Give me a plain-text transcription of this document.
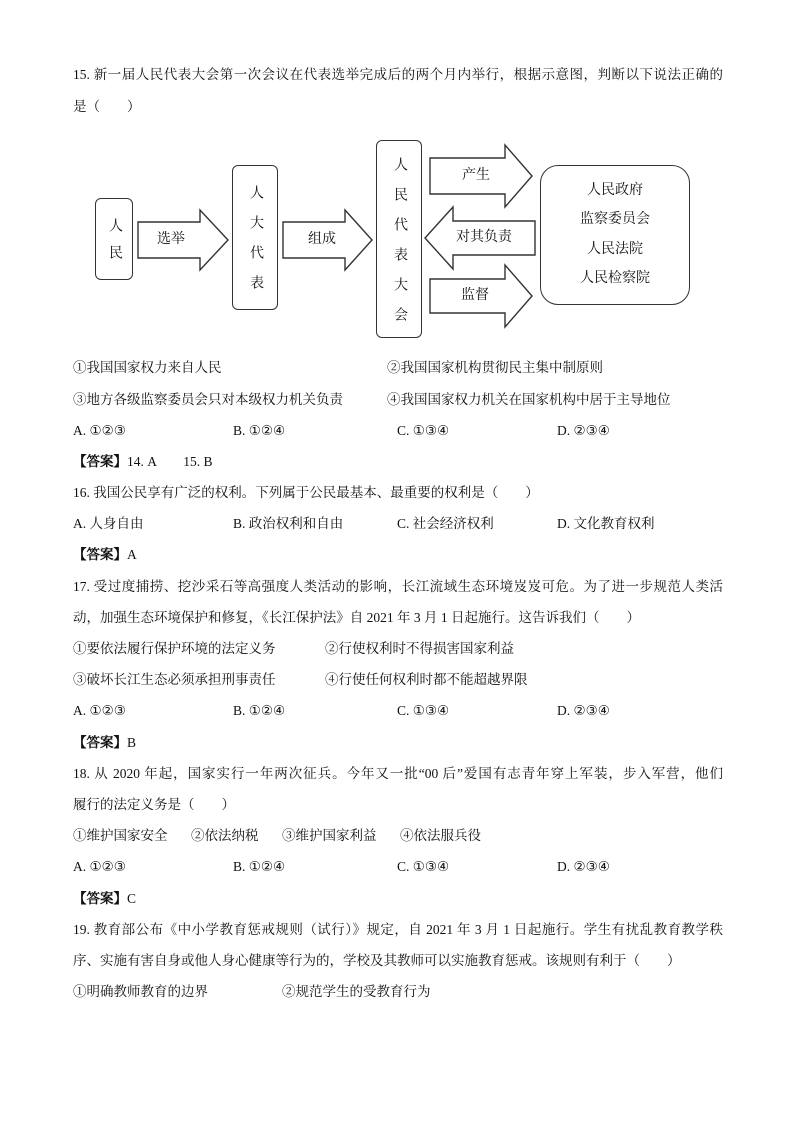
15. 新一届人民代表大会第一次会议在代表选举完成后的两个月内举行，根据示意图，判断以下说法正确的
是（　　）
人民	选举	人大代表	组成	人民代表大会	产生
对其负责
监督
人民政府
监察委员会
人民法院
人民检察院
①我国国家权力来自人民	②我国国家机构贯彻民主集中制原则
③地方各级监察委员会只对本级权力机关负责	④我国国家权力机关在国家机构中居于主导地位
A. ①②③	B. ①②④	C. ①③④	D. ②③④
【答案】14. A　　15. B
16. 我国公民享有广泛的权利。下列属于公民最基本、最重要的权利是（　　）
A. 人身自由	B. 政治权利和自由	C. 社会经济权利	D. 文化教育权利
【答案】A
17. 受过度捕捞、挖沙采石等高强度人类活动的影响，长江流域生态环境岌岌可危。为了进一步规范人类活
动，加强生态环境保护和修复，《长江保护法》自 2021 年 3 月 1 日起施行。这告诉我们（　　）
①要依法履行保护环境的法定义务	②行使权利时不得损害国家利益
③破坏长江生态必须承担刑事责任	④行使任何权利时都不能超越界限
A. ①②③	B. ①②④	C. ①③④	D. ②③④
【答案】B
18. 从 2020 年起，国家实行一年两次征兵。今年又一批“00 后”爱国有志青年穿上军装，步入军营，他们
履行的法定义务是（　　）
①维护国家安全 ②依法纳税 ③维护国家利益 ④依法服兵役
A. ①②③	B. ①②④	C. ①③④	D. ②③④
【答案】C
19. 教育部公布《中小学教育惩戒规则（试行）》规定，自 2021 年 3 月 1 日起施行。学生有扰乱教育教学秩
序、实施有害自身或他人身心健康等行为的，学校及其教师可以实施教育惩戒。该规则有利于（　　）
①明确教师教育的边界	②规范学生的受教育行为
